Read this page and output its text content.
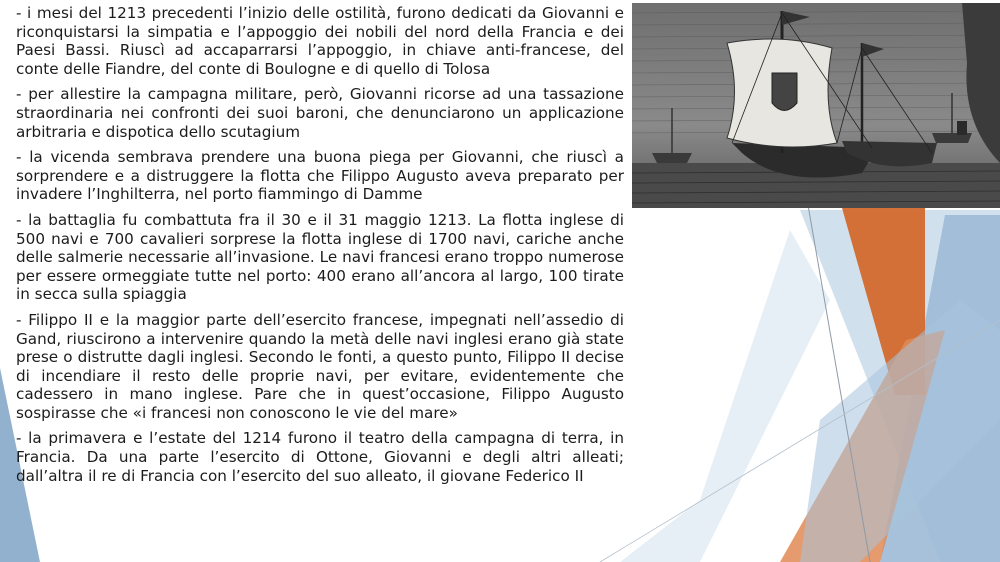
- i mesi del 1213 precedenti l’inizio delle ostilità, furono dedicati da Giovanni e riconquistarsi la simpatia e l’appoggio dei nobili del nord della Francia e dei Paesi Bassi. Riuscì ad accaparrarsi l’appoggio, in chiave anti-francese, del conte delle Fiandre, del conte di Boulogne e di quello di Tolosa

- per allestire la campagna militare, però, Giovanni ricorse ad una tassazione straordinaria nei confronti dei suoi baroni, che denunciarono un applicazione arbitraria e dispotica dello scutagium

- la vicenda sembrava prendere una buona piega per Giovanni, che riuscì a sorprendere e a distruggere la flotta che Filippo Augusto aveva preparato per invadere l’Inghilterra, nel porto fiammingo di Damme

- la battaglia fu combattuta fra il 30 e il 31 maggio 1213. La flotta inglese di 500 navi e 700 cavalieri sorprese la flotta inglese di 1700 navi, cariche anche delle salmerie necessarie all’invasione. Le navi francesi erano troppo numerose per essere ormeggiate tutte nel porto: 400 erano all’ancora al largo, 100 tirate in secca sulla spiaggia

- Filippo II e la maggior parte dell’esercito francese, impegnati nell’assedio di Gand, riuscirono a intervenire quando la metà delle navi inglesi erano già state prese o distrutte dagli inglesi. Secondo le fonti, a questo punto, Filippo II decise di incendiare il resto delle proprie navi, per evitare, evidentemente che cadessero in mano inglese. Pare che in quest’occasione, Filippo Augusto sospirasse che «i francesi non conoscono le vie del mare»

- la primavera e l’estate del 1214 furono il teatro della campagna di terra, in Francia. Da una parte l’esercito di Ottone, Giovanni e degli altri alleati; dall’altra il re di Francia con l’esercito del suo alleato, il giovane Federico II
